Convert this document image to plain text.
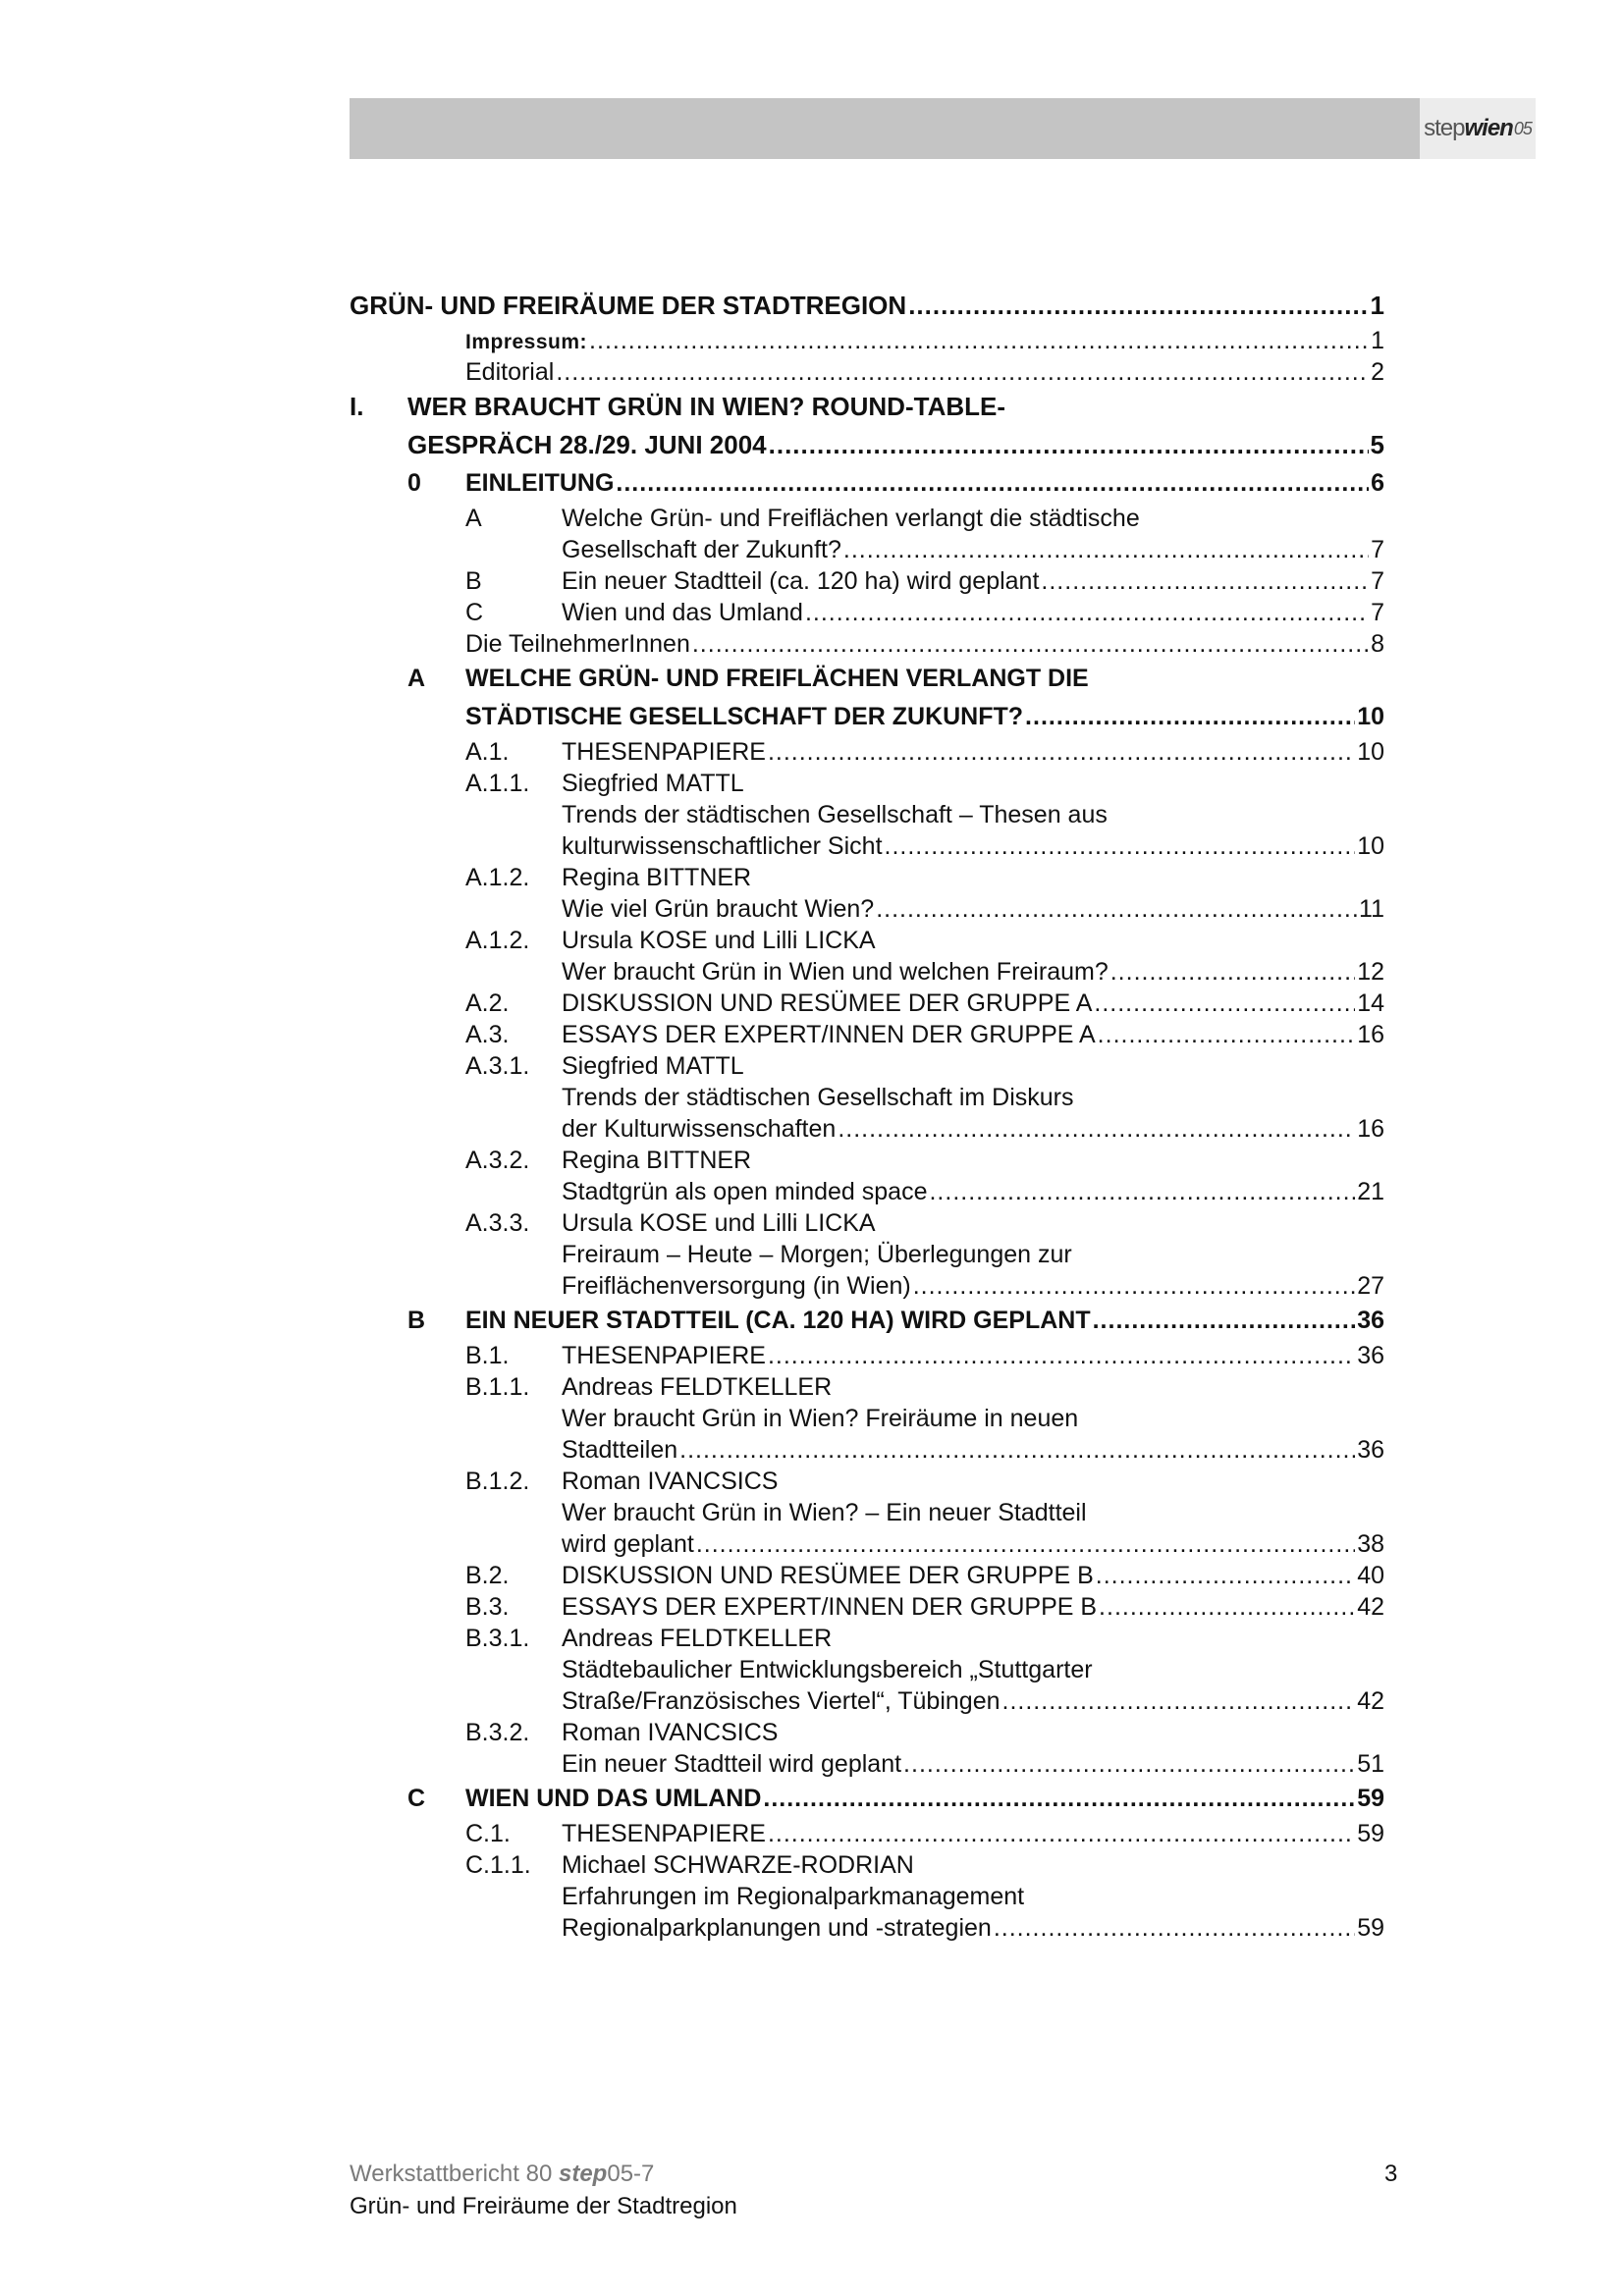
step wien 05
GRÜN- UND FREIRÄUME DER STADTREGION .....	1
Impressum: .....	1
Editorial .....	2
I. WER BRAUCHT GRÜN IN WIEN? ROUND-TABLE-
GESPRÄCH 28./29. JUNI 2004 .....	5
0 EINLEITUNG .....	6
A	Welche Grün- und Freiflächen verlangt die städtische
Gesellschaft der Zukunft? .....	7
B	Ein neuer Stadtteil (ca. 120 ha) wird geplant .....	7
C	Wien und das Umland .....	7
Die TeilnehmerInnen .....	8
A WELCHE GRÜN- UND FREIFLÄCHEN VERLANGT DIE
STÄDTISCHE GESELLSCHAFT DER ZUKUNFT? .....	10
A.1. THESENPAPIERE .....	10
A.1.1. Siegfried MATTL
Trends der städtischen Gesellschaft – Thesen aus
kulturwissenschaftlicher Sicht .....	10
A.1.2. Regina BITTNER
Wie viel Grün braucht Wien? .....	11
A.1.2. Ursula KOSE und Lilli LICKA
Wer braucht Grün in Wien und welchen Freiraum? .....	12
A.2. DISKUSSION UND RESÜMEE DER GRUPPE A .....	14
A.3. ESSAYS DER EXPERT/INNEN DER GRUPPE A .....	16
A.3.1. Siegfried MATTL
Trends der städtischen Gesellschaft im Diskurs
der Kulturwissenschaften .....	16
A.3.2. Regina BITTNER
Stadtgrün als open minded space .....	21
A.3.3. Ursula KOSE und Lilli LICKA
Freiraum – Heute – Morgen; Überlegungen zur
Freiflächenversorgung (in Wien) .....	27
B EIN NEUER STADTTEIL (CA. 120 HA) WIRD GEPLANT .....	36
B.1. THESENPAPIERE .....	36
B.1.1. Andreas FELDTKELLER
Wer braucht Grün in Wien? Freiräume in neuen
Stadtteilen .....	36
B.1.2. Roman IVANCSICS
Wer braucht Grün in Wien? – Ein neuer Stadtteil
wird geplant .....	38
B.2. DISKUSSION UND RESÜMEE DER GRUPPE B .....	40
B.3. ESSAYS DER EXPERT/INNEN DER GRUPPE B .....	42
B.3.1. Andreas FELDTKELLER
Städtebaulicher Entwicklungsbereich „Stuttgarter
Straße/Französisches Viertel“, Tübingen .....	42
B.3.2. Roman IVANCSICS
Ein neuer Stadtteil wird geplant .....	51
C WIEN UND DAS UMLAND .....	59
C.1. THESENPAPIERE .....	59
C.1.1. Michael SCHWARZE-RODRIAN
Erfahrungen im Regionalparkmanagement
Regionalparkplanungen und -strategien .....	59
Werkstattbericht 80 step05-7
Grün- und Freiräume der Stadtregion
3
